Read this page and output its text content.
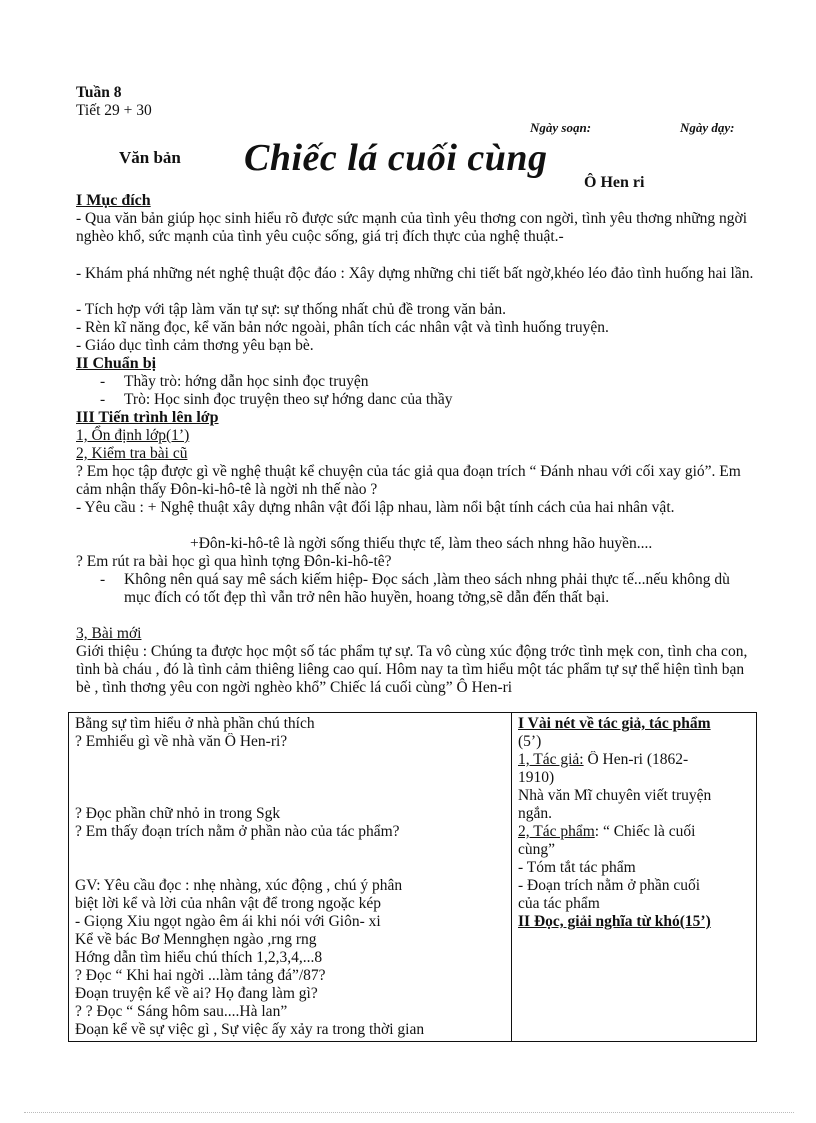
Tuần 8
Tiết 29 + 30
Ngày soạn:	Ngày dạy:
Văn bản Chiếc lá cuối cùng
Ô Hen ri
I Mục đích
- Qua văn bản giúp học sinh hiểu rõ được sức mạnh của tình yêu thơng con ngời, tình yêu thơng những ngời nghèo khổ, sức mạnh của tình yêu cuộc sống, giá trị đích thực của nghệ thuật.-
- Khám phá những nét nghệ thuật độc đáo : Xây dựng những chi tiết bất ngờ,khéo léo đảo tình huống hai lần.
- Tích hợp với tập làm văn tự sự: sự thống nhất chủ đề trong văn bản.
- Rèn kĩ năng đọc, kể văn bản nớc ngoài, phân tích các nhân vật và tình huống truyện.
- Giáo dục tình cảm thơng yêu bạn bè.
II Chuẩn bị
- Thầy trò: hớng dẫn học sinh đọc truyện
- Trò: Học sinh đọc truyện theo sự hớng danc của thầy
III Tiến trình lên lớp
1, Ổn định lớp(1’)
2, Kiểm tra bài cũ
? Em học tập được gì về nghệ thuật kể chuyện của tác giả qua đoạn trích “ Đánh nhau với cối xay gió”. Em cảm nhận thấy Đôn-ki-hô-tê là ngời nh thế nào ?
- Yêu cầu : + Nghệ thuật xây dựng nhân vật đối lập nhau, làm nổi bật tính cách của hai nhân vật.
+Đôn-ki-hô-tê là ngời sống thiếu thực tế, làm theo sách nhng hão huyền....
? Em rút ra bài học gì qua hình tợng Đôn-ki-hô-tê?
- Không nên quá say mê sách kiếm hiệp- Đọc sách ,làm theo sách nhng phải thực tế...nếu không dù mục đích có tốt đẹp thì vẫn trở nên hão huyền, hoang tởng,sẽ dẫn đến thất bại.
3, Bài mới
Giới thiệu : Chúng ta được học một số tác phẩm tự sự. Ta vô cùng xúc động trớc tình mẹk con, tình cha con, tình bà cháu , đó là tình cảm thiêng liêng cao quí. Hôm nay ta tìm hiểu một tác phẩm tự sự thể hiện tình bạn bè , tình thơng yêu con ngời nghèo khổ” Chiếc lá cuối cùng” Ô Hen-ri
Bằng sự tìm hiểu ở nhà phần chú thích
? Emhiểu gì về nhà văn Ô Hen-ri?
? Đọc phần chữ nhỏ in trong Sgk
? Em thấy đoạn trích nằm ở phần nào của tác phẩm?
GV: Yêu cầu đọc : nhẹ nhàng, xúc động , chú ý phân
biệt lời kể và lời của nhân vật để trong ngoặc kép
- Giọng Xiu ngọt ngào êm ái khi nói với Giôn- xi
Kể về bác Bơ Mennghẹn ngào ,rng rng
Hớng dẫn tìm hiểu chú thích 1,2,3,4,...8
? Đọc “ Khi hai ngời ...làm tảng đá”/87?
Đoạn truyện kể về ai? Họ đang làm gì?
? ? Đọc “ Sáng hôm sau....Hà lan”
Đoạn kể về sự việc gì , Sự việc ấy xảy ra trong thời gian

I Vài nét về tác giả, tác phẩm
(5’)
1, Tác giả: Ô Hen-ri (1862-
1910)
Nhà văn Mĩ chuyên viết truyện
ngắn.
2, Tác phẩm: “ Chiếc là cuối
cùng”
- Tóm tắt tác phẩm
- Đoạn trích nằm ở phần cuối
của tác phẩm
II Đọc, giải nghĩa từ khó(15’)
